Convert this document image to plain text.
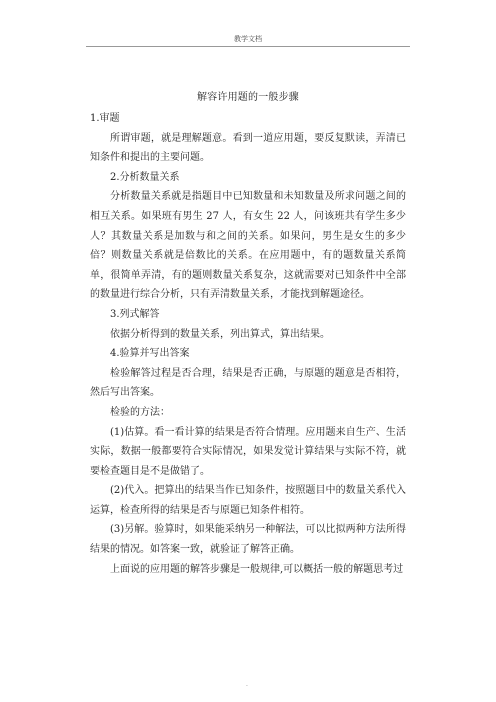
教学文档
解容许用题的一般步骤

1.审题

所谓审题，就是理解题意。看到一道应用题，要反复默读，弄清已知条件和提出的主要问题。

2.分析数量关系

分析数量关系就是指题目中已知数量和未知数量及所求问题之间的相互关系。如果班有男生 27 人，有女生 22 人，问该班共有学生多少人？其数量关系是加数与和之间的关系。如果问，男生是女生的多少倍？则数量关系就是倍数比的关系。在应用题中，有的题数量关系简单，很简单弄清，有的题则数量关系复杂，这就需要对已知条件中全部的数量进行综合分析，只有弄清数量关系，才能找到解题途径。

3.列式解答

依据分析得到的数量关系，列出算式，算出结果。

4.验算并写出答案

检验解答过程是否合理，结果是否正确，与原题的题意是否相符，然后写出答案。

检验的方法：

(1)估算。看一看计算的结果是否符合情理。应用题来自生产、生活实际，数据一般都要符合实际情况，如果发觉计算结果与实际不符，就要检查题目是不是做错了。

(2)代入。把算出的结果当作已知条件，按照题目中的数量关系代入运算，检查所得的结果是否与原题已知条件相符。

(3)另解。验算时，如果能采纳另一种解法，可以比拟两种方法所得结果的情况。如答案一致，就验证了解答正确。

上面说的应用题的解答步骤是一般规律,可以概括一般的解题思考过

.
